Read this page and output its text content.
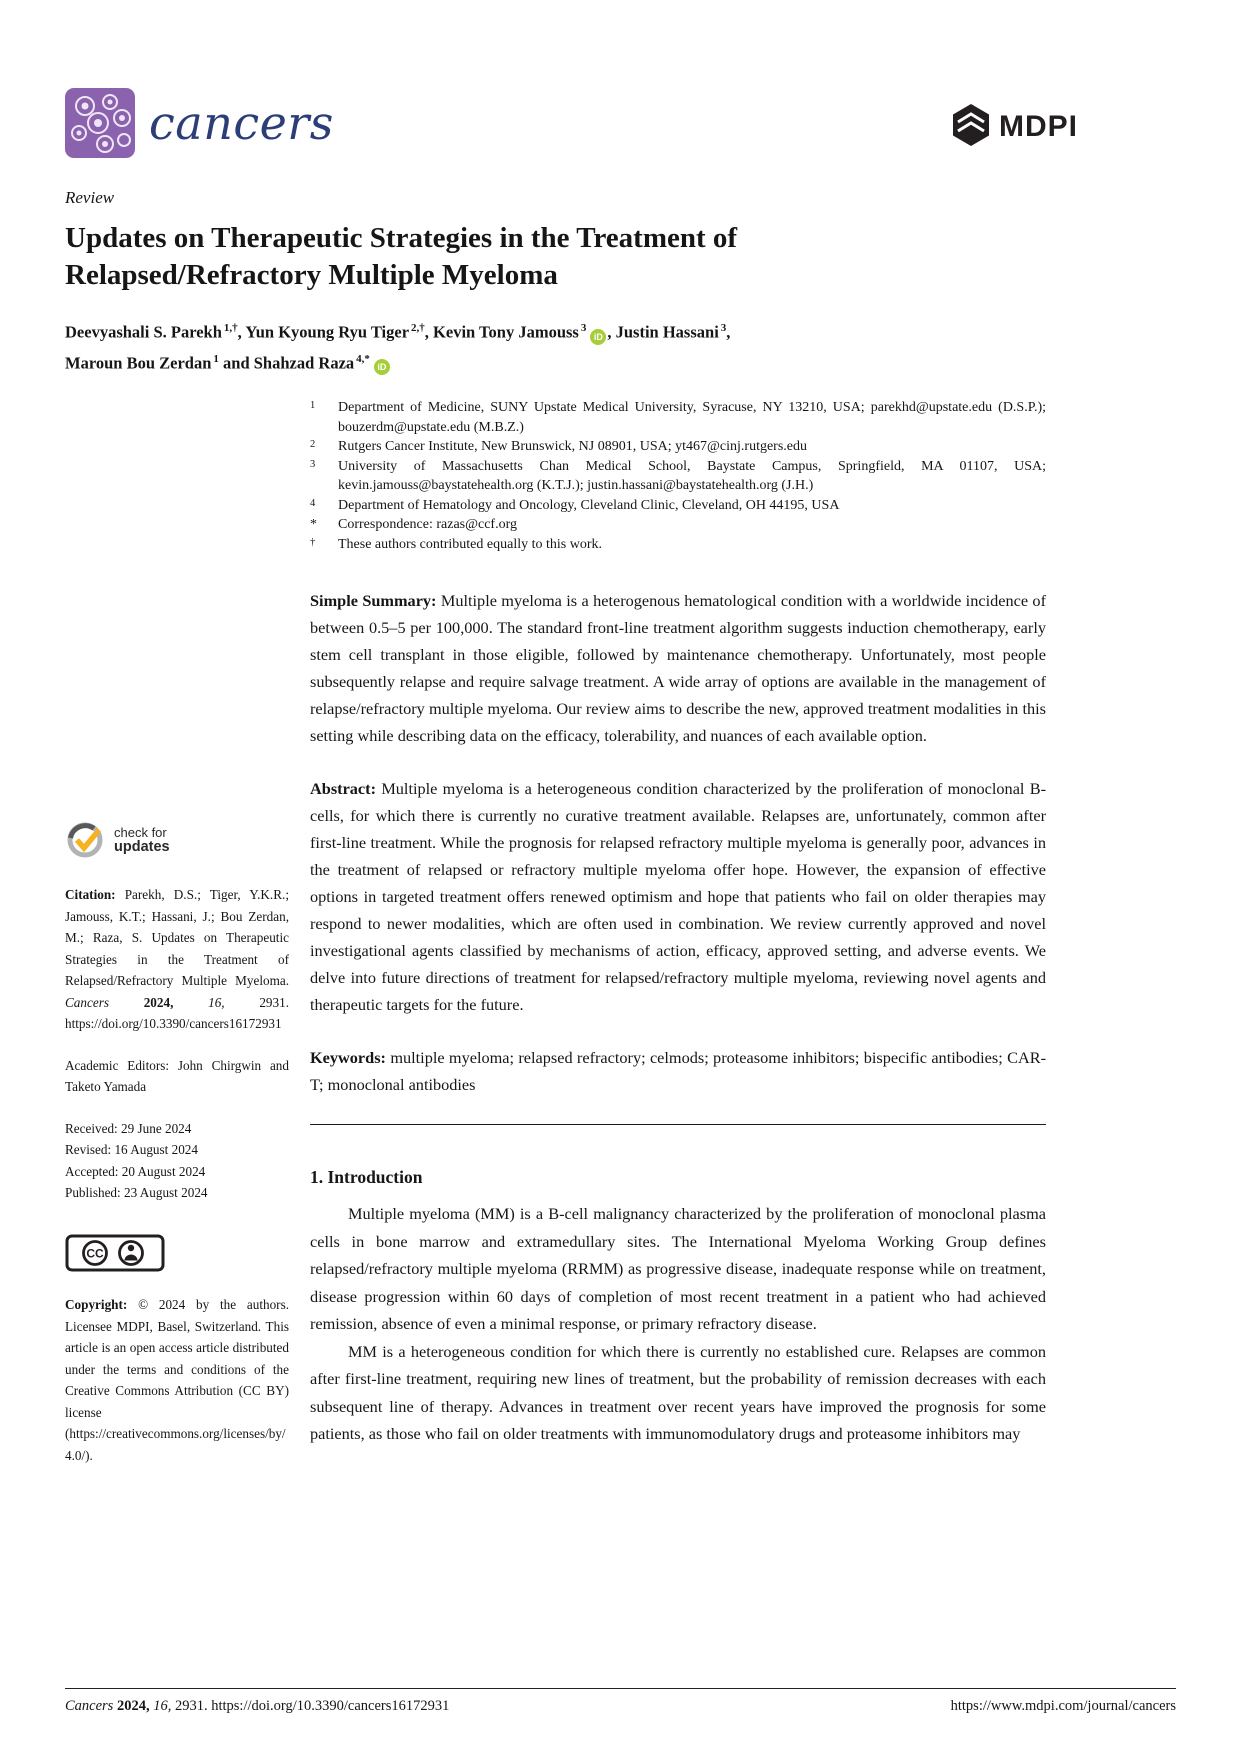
cancers	MDPI
Review
Updates on Therapeutic Strategies in the Treatment of Relapsed/Refractory Multiple Myeloma
Deevyashali S. Parekh $^{1,\dagger}$, Yun Kyoung Ryu Tiger $^{2,\dagger}$, Kevin Tony Jamouss $^3$iD , Justin Hassani $^3$,
Maroun Bou Zerdan $^1$ and Shahzad Raza $^{4,*}$iD
1	Department of Medicine, SUNY Upstate Medical University, Syracuse, NY 13210, USA; parekhd@upstate.edu (D.S.P.); bouzerdm@upstate.edu (M.B.Z.)
2	Rutgers Cancer Institute, New Brunswick, NJ 08901, USA; yt467@cinj.rutgers.edu
3	University of Massachusetts Chan Medical School, Baystate Campus, Springfield, MA 01107, USA; kevin.jamouss@baystatehealth.org (K.T.J.); justin.hassani@baystatehealth.org (J.H.)
4	Department of Hematology and Oncology, Cleveland Clinic, Cleveland, OH 44195, USA
*	Correspondence: razas@ccf.org
†	These authors contributed equally to this work.

Simple Summary: Multiple myeloma is a heterogenous hematological condition with a worldwide incidence of between 0.5–5 per 100,000. The standard front-line treatment algorithm suggests induction chemotherapy, early stem cell transplant in those eligible, followed by maintenance chemotherapy. Unfortunately, most people subsequently relapse and require salvage treatment. A wide array of options are available in the management of relapse/refractory multiple myeloma. Our review aims to describe the new, approved treatment modalities in this setting while describing data on the efficacy, tolerability, and nuances of each available option.

Abstract: Multiple myeloma is a heterogeneous condition characterized by the proliferation of monoclonal B-cells, for which there is currently no curative treatment available. Relapses are, unfortunately, common after first-line treatment. While the prognosis for relapsed refractory multiple myeloma is generally poor, advances in the treatment of relapsed or refractory multiple myeloma offer hope. However, the expansion of effective options in targeted treatment offers renewed optimism and hope that patients who fail on older therapies may respond to newer modalities, which are often used in combination. We review currently approved and novel investigational agents classified by mechanisms of action, efficacy, approved setting, and adverse events. We delve into future directions of treatment for relapsed/refractory multiple myeloma, reviewing novel agents and therapeutic targets for the future.

Keywords: multiple myeloma; relapsed refractory; celmods; proteasome inhibitors; bispecific antibodies; CAR-T; monoclonal antibodies

1. Introduction

Multiple myeloma (MM) is a B-cell malignancy characterized by the proliferation of monoclonal plasma cells in bone marrow and extramedullary sites. The International Myeloma Working Group defines relapsed/refractory multiple myeloma (RRMM) as progressive disease, inadequate response while on treatment, disease progression within 60 days of completion of most recent treatment in a patient who had achieved remission, absence of even a minimal response, or primary refractory disease.

MM is a heterogeneous condition for which there is currently no established cure. Relapses are common after first-line treatment, requiring new lines of treatment, but the probability of remission decreases with each subsequent line of therapy. Advances in treatment over recent years have improved the prognosis for some patients, as those who fail on older treatments with immunomodulatory drugs and proteasome inhibitors may

check for
updates

Citation: Parekh, D.S.; Tiger, Y.K.R.; Jamouss, K.T.; Hassani, J.; Bou Zerdan, M.; Raza, S. Updates on Therapeutic Strategies in the Treatment of Relapsed/Refractory Multiple Myeloma. Cancers	2024,	16,	2931. https://doi.org/10.3390/cancers16172931

Academic Editors: John Chirgwin and Taketo Yamada

Received: 29 June 2024
Revised: 16 August 2024
Accepted: 20 August 2024
Published: 23 August 2024
CC

Copyright: © 2024 by the authors. Licensee MDPI, Basel, Switzerland. This article is an open access article distributed under the terms and conditions of the Creative Commons Attribution (CC BY) license (https://creativecommons.org/licenses/by/4.0/).

Cancers 2024, 16, 2931. https://doi.org/10.3390/cancers16172931	https://www.mdpi.com/journal/cancers
